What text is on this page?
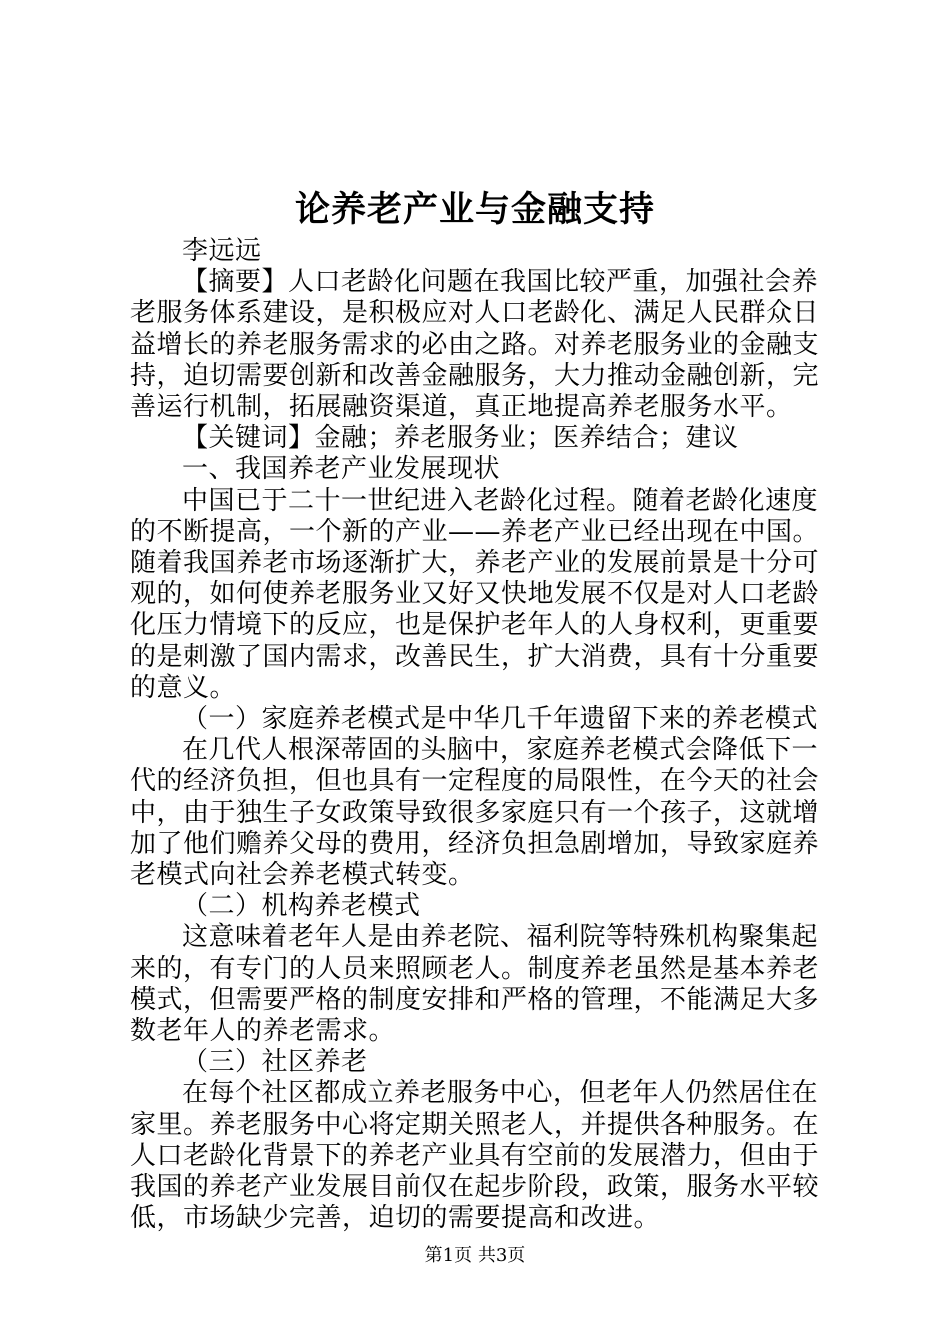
论养老产业与金融支持

李远远

【摘要】人口老龄化问题在我国比较严重，加强社会养老服务体系建设，是积极应对人口老龄化、满足人民群众日益增长的养老服务需求的必由之路。对养老服务业的金融支持，迫切需要创新和改善金融服务，大力推动金融创新，完善运行机制，拓展融资渠道，真正地提高养老服务水平。

【关键词】金融；养老服务业；医养结合；建议

一、我国养老产业发展现状

中国已于二十一世纪进入老龄化过程。随着老龄化速度的不断提高，一个新的产业——养老产业已经出现在中国。随着我国养老市场逐渐扩大，养老产业的发展前景是十分可观的，如何使养老服务业又好又快地发展不仅是对人口老龄化压力情境下的反应，也是保护老年人的人身权利，更重要的是刺激了国内需求，改善民生，扩大消费，具有十分重要的意义。

（一）家庭养老模式是中华几千年遗留下来的养老模式

在几代人根深蒂固的头脑中，家庭养老模式会降低下一代的经济负担，但也具有一定程度的局限性，在今天的社会中，由于独生子女政策导致很多家庭只有一个孩子，这就增加了他们赡养父母的费用，经济负担急剧增加，导致家庭养老模式向社会养老模式转变。

（二）机构养老模式

这意味着老年人是由养老院、福利院等特殊机构聚集起来的，有专门的人员来照顾老人。制度养老虽然是基本养老模式，但需要严格的制度安排和严格的管理，不能满足大多数老年人的养老需求。

（三）社区养老

在每个社区都成立养老服务中心，但老年人仍然居住在家里。养老服务中心将定期关照老人，并提供各种服务。在人口老龄化背景下的养老产业具有空前的发展潜力，但由于我国的养老产业发展目前仅在起步阶段，政策，服务水平较低，市场缺少完善，迫切的需要提高和改进。

第1页 共3页
